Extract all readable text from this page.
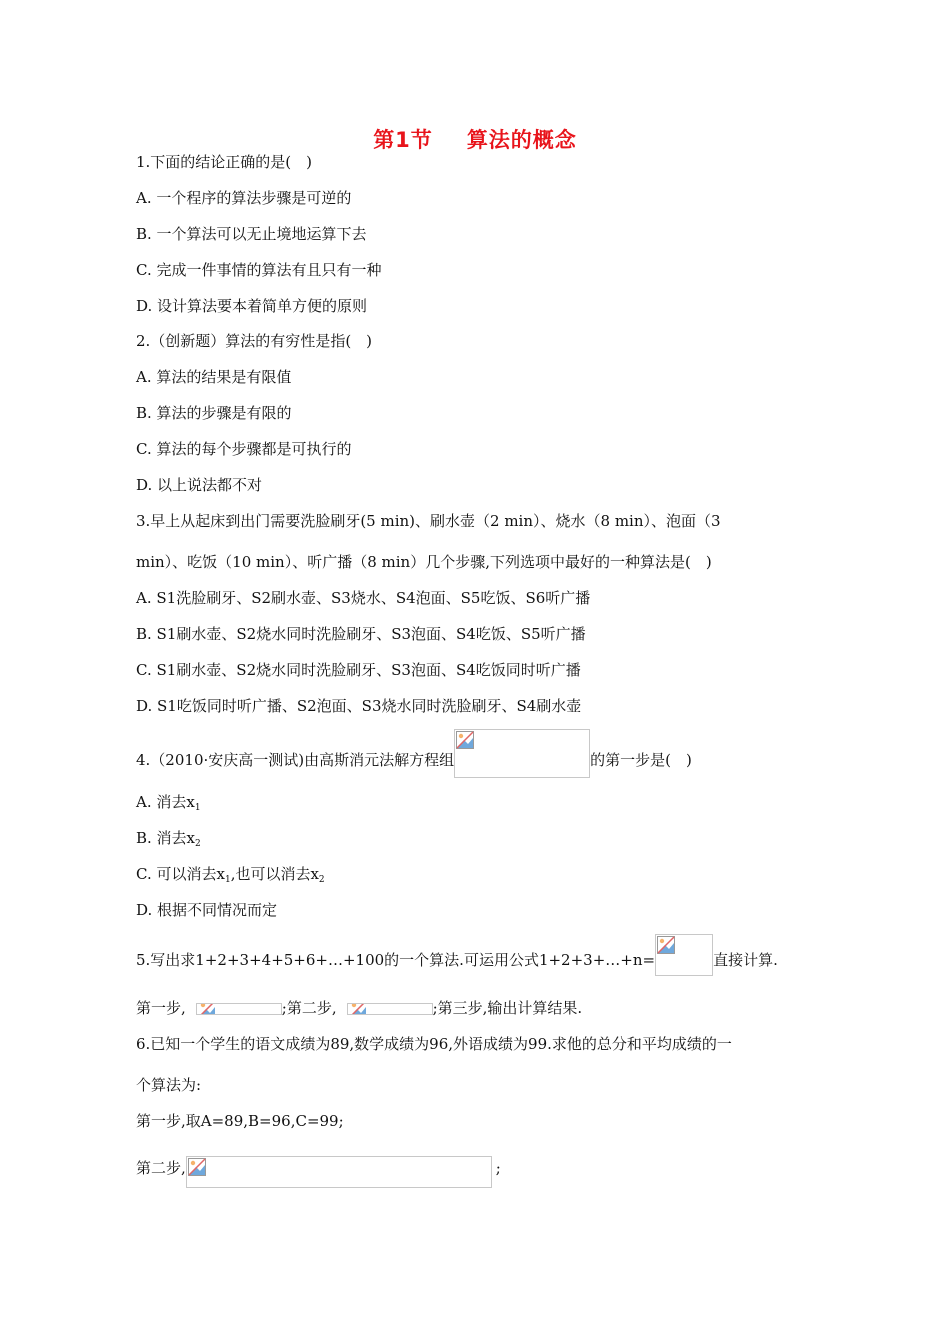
第1节 算法的概念
1.下面的结论正确的是(　)
A. 一个程序的算法步骤是可逆的
B. 一个算法可以无止境地运算下去
C. 完成一件事情的算法有且只有一种
D. 设计算法要本着简单方便的原则
2.（创新题）算法的有穷性是指(　)
A. 算法的结果是有限值
B. 算法的步骤是有限的
C. 算法的每个步骤都是可执行的
D. 以上说法都不对
3.早上从起床到出门需要洗脸刷牙(5 min)、刷水壶（2 min）、烧水（8 min）、泡面（3
min）、吃饭（10 min）、听广播（8 min）几个步骤,下列选项中最好的一种算法是(　)
A. S1洗脸刷牙、S2刷水壶、S3烧水、S4泡面、S5吃饭、S6听广播
B. S1刷水壶、S2烧水同时洗脸刷牙、S3泡面、S4吃饭、S5听广播
C. S1刷水壶、S2烧水同时洗脸刷牙、S3泡面、S4吃饭同时听广播
D. S1吃饭同时听广播、S2泡面、S3烧水同时洗脸刷牙、S4刷水壶
4.（2010·安庆高一测试)由高斯消元法解方程组	的第一步是(　)
A. 消去$x_1$
B. 消去$x_2$
C. 可以消去$x_1$,也可以消去$x_2$
D. 根据不同情况而定
5.写出求1+2+3+4+5+6+…+100的一个算法.可运用公式1+2+3+…+n=	直接计算.
第一步,	;第二步,	;第三步,输出计算结果.
6.已知一个学生的语文成绩为89,数学成绩为96,外语成绩为99.求他的总分和平均成绩的一
个算法为:
第一步,取A=89,B=96,C=99;
第二步,	;
